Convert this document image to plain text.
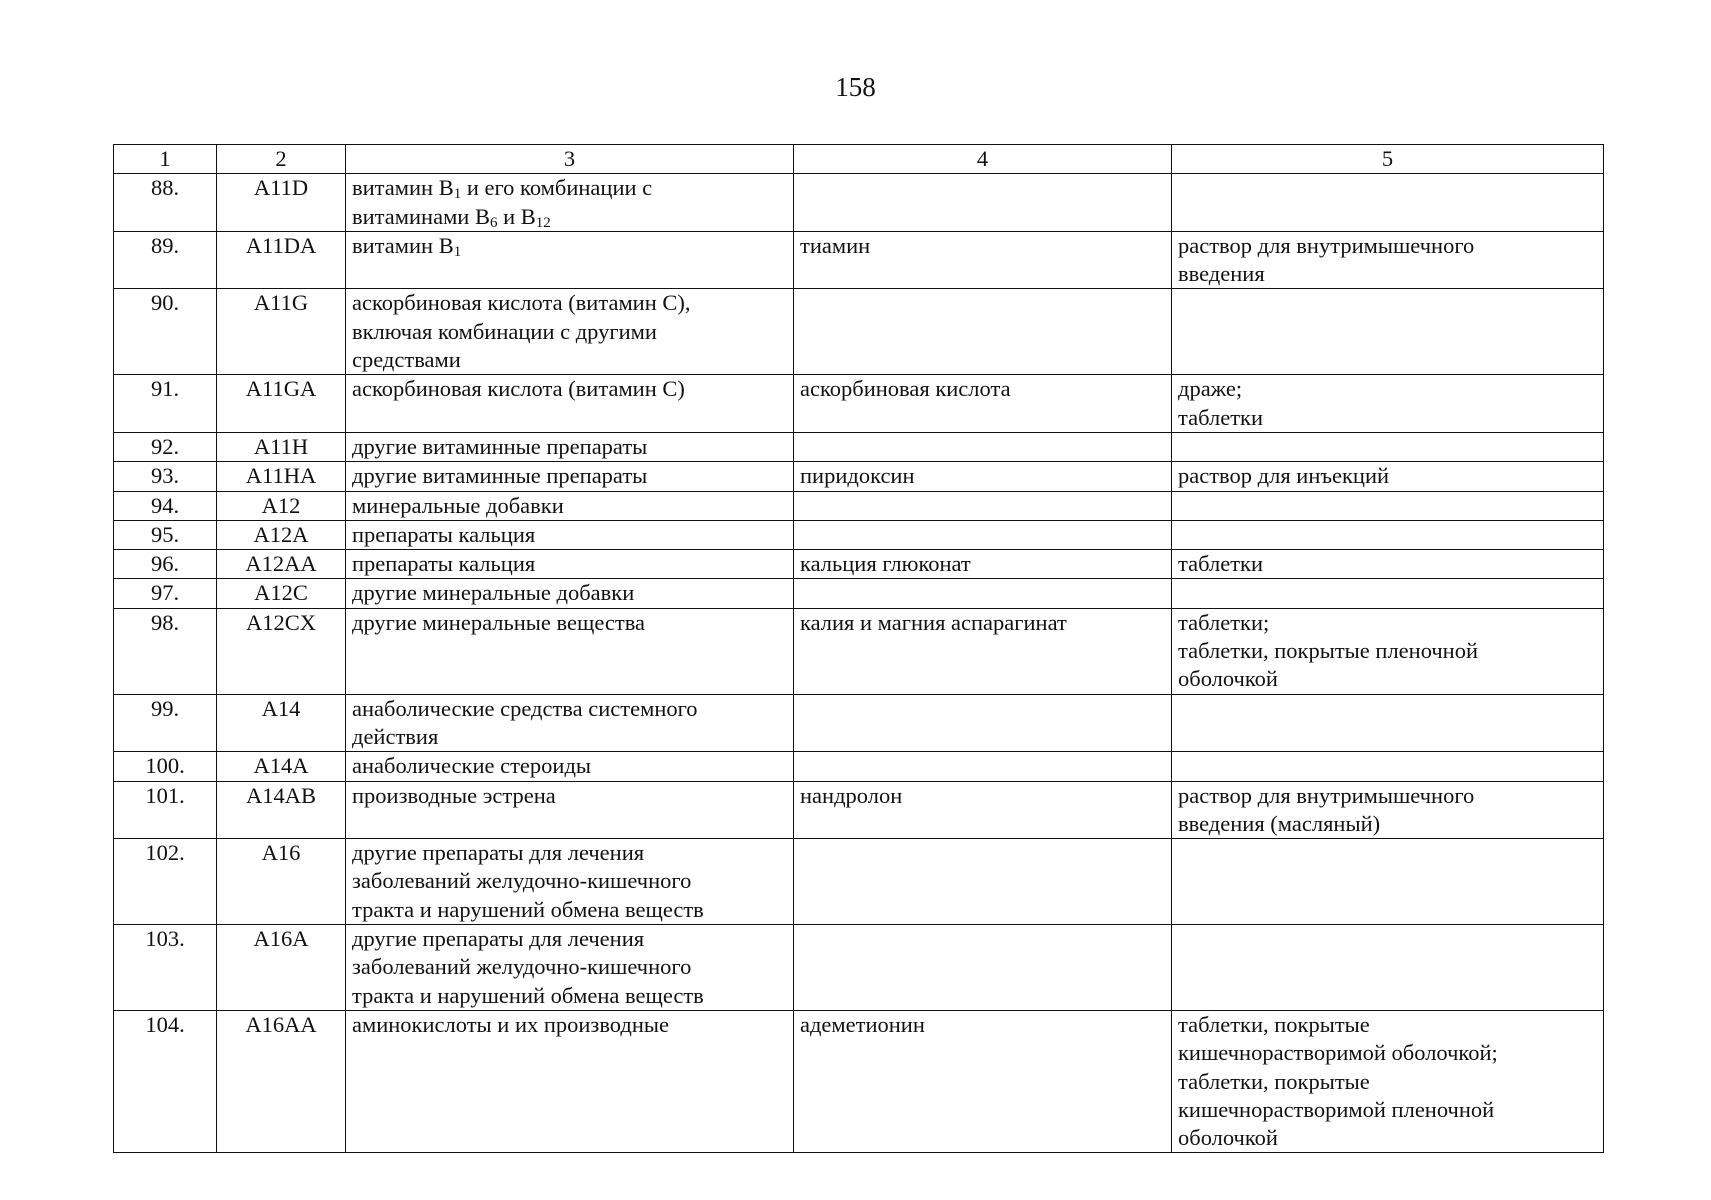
158
1	2	3	4	5
88.	A11D	витамин $B_1$ и его комбинации с
витаминами $B_6$ и $B_{12}$

89.	A11DA	витамин $B_1$	тиамин	раствор для внутримышечного
введения

90.	A11G	аскорбиновая кислота (витамин C),
включая комбинации с другими
средствами		

91.	A11GA	аскорбиновая кислота (витамин C)	аскорбиновая кислота	драже;
таблетки

92.	A11H	другие витаминные препараты		

93.	A11HA	другие витаминные препараты	пиридоксин	раствор для инъекций

94.	A12	минеральные добавки		

95.	A12A	препараты кальция		

96.	A12AA	препараты кальция	кальция глюконат	таблетки

97.	A12C	другие минеральные добавки		

98.	A12CX	другие минеральные вещества	калия и магния аспарагинат	таблетки;
таблетки, покрытые пленочной
оболочкой

99.	A14	анаболические средства системного
действия		

100.	A14A	анаболические стероиды		

101.	A14AB	производные эстрена	нандролон	раствор для внутримышечного
введения (масляный)

102.	A16	другие препараты для лечения
заболеваний желудочно-кишечного
тракта и нарушений обмена веществ		

103.	A16A	другие препараты для лечения
заболеваний желудочно-кишечного
тракта и нарушений обмена веществ		

104.	A16AA	аминокислоты и их производные	адеметионин	таблетки, покрытые
кишечнорастворимой оболочкой;
таблетки, покрытые
кишечнорастворимой пленочной
оболочкой
